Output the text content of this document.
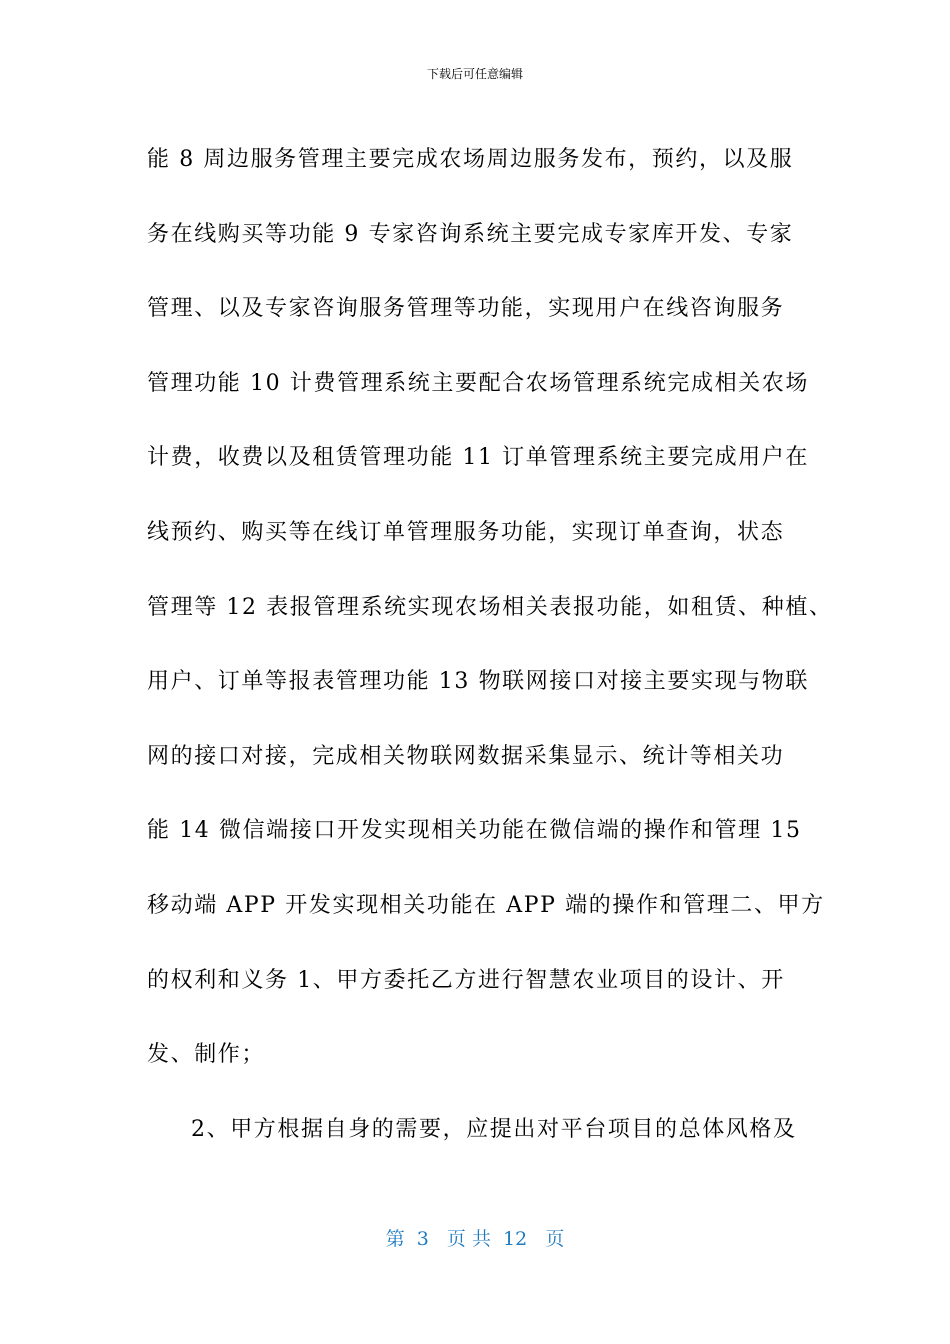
下载后可任意编辑
能 8 周边服务管理主要完成农场周边服务发布，预约，以及服
务在线购买等功能 9 专家咨询系统主要完成专家库开发、专家
管理、以及专家咨询服务管理等功能，实现用户在线咨询服务
管理功能 10 计费管理系统主要配合农场管理系统完成相关农场
计费，收费以及租赁管理功能 11 订单管理系统主要完成用户在
线预约、购买等在线订单管理服务功能，实现订单查询，状态
管理等 12 表报管理系统实现农场相关表报功能，如租赁、种植、
用户、订单等报表管理功能 13 物联网接口对接主要实现与物联
网的接口对接，完成相关物联网数据采集显示、统计等相关功
能 14 微信端接口开发实现相关功能在微信端的操作和管理 15
移动端 APP 开发实现相关功能在 APP 端的操作和管理二、甲方
的权利和义务 1、甲方委托乙方进行智慧农业项目的设计、开
发、制作；
2、甲方根据自身的需要，应提出对平台项目的总体风格及
第  3   页 共  12   页
